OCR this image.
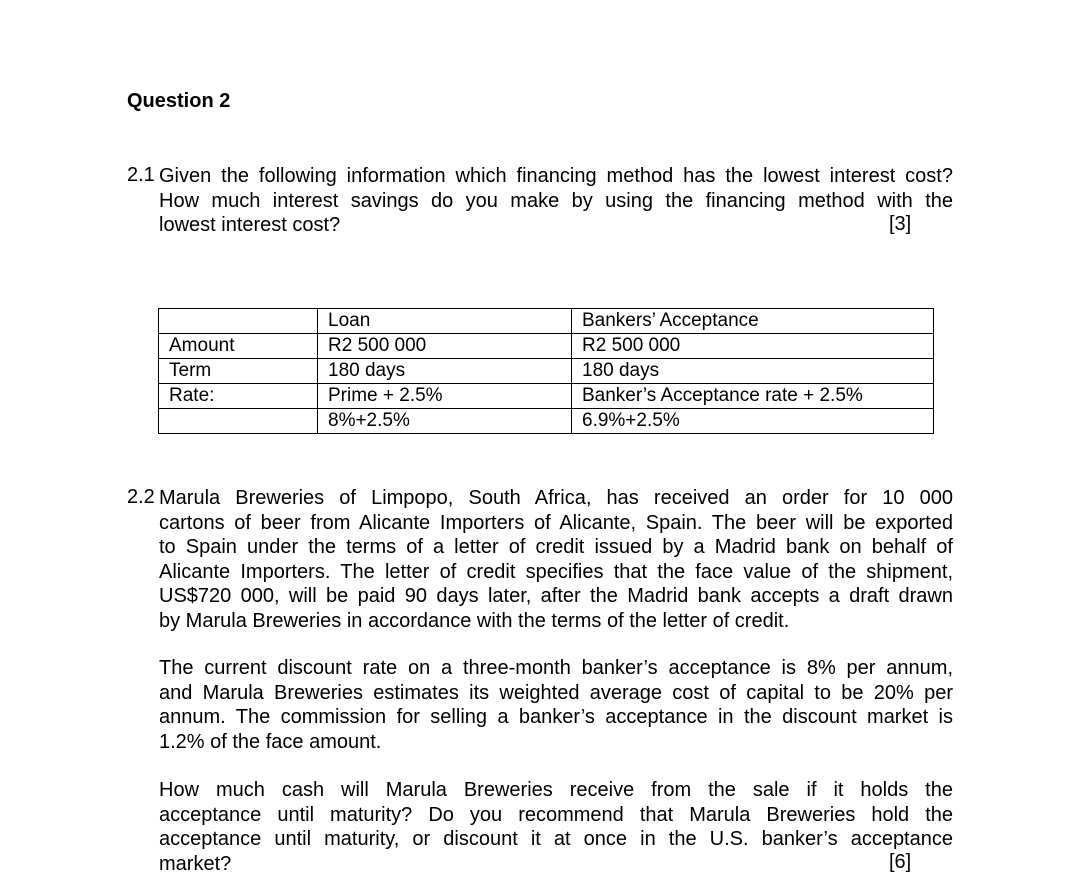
Question 2
2.1 Given the following information which financing method has the lowest interest cost?
How much interest savings do you make by using the financing method with the
lowest interest cost?	[3]
	Loan	Bankers’ Acceptance
Amount	R2 500 000	R2 500 000
Term	180 days	180 days
Rate:	Prime + 2.5%	Banker’s Acceptance rate + 2.5%
	8%+2.5%	6.9%+2.5%
2.2 Marula Breweries of Limpopo, South Africa, has received an order for 10 000
cartons of beer from Alicante Importers of Alicante, Spain. The beer will be exported
to Spain under the terms of a letter of credit issued by a Madrid bank on behalf of
Alicante Importers. The letter of credit specifies that the face value of the shipment,
US$720 000, will be paid 90 days later, after the Madrid bank accepts a draft drawn
by Marula Breweries in accordance with the terms of the letter of credit.
The current discount rate on a three-month banker’s acceptance is 8% per annum,
and Marula Breweries estimates its weighted average cost of capital to be 20% per
annum. The commission for selling a banker’s acceptance in the discount market is
1.2% of the face amount.
How much cash will Marula Breweries receive from the sale if it holds the
acceptance until maturity? Do you recommend that Marula Breweries hold the
acceptance until maturity, or discount it at once in the U.S. banker’s acceptance
market?	[6]
